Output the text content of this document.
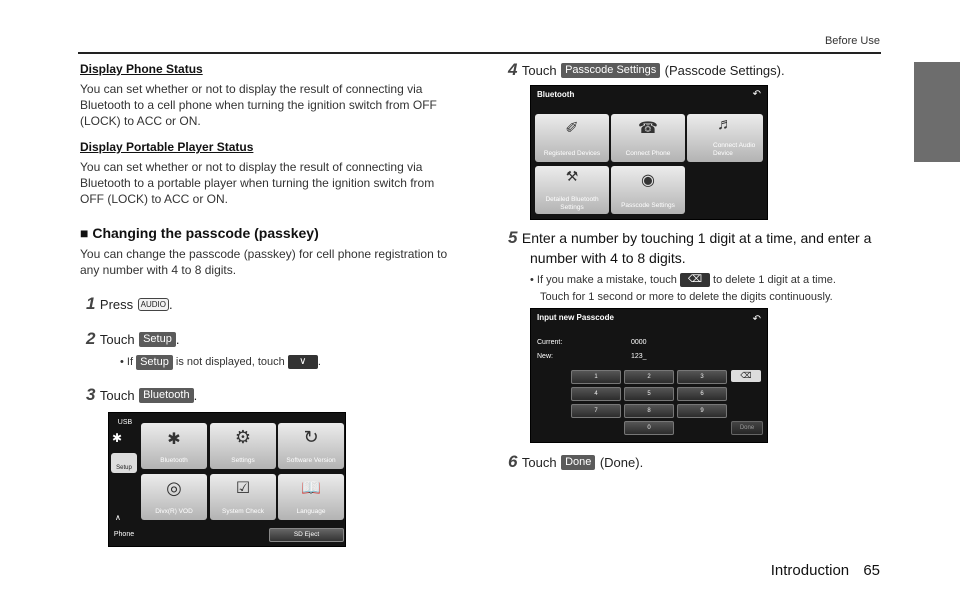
Before Use
Display Phone Status
You can set whether or not to display the result of connecting via
Bluetooth to a cell phone when turning the ignition switch from OFF
(LOCK) to ACC or ON.
Display Portable Player Status
You can set whether or not to display the result of connecting via
Bluetooth to a portable player when turning the ignition switch from
OFF (LOCK) to ACC or ON.
■ Changing the passcode (passkey)
You can change the passcode (passkey) for cell phone registration to
any number with 4 to 8 digits.
1 Press AUDIO .
2 Touch Setup .
• If Setup is not displayed, touch ∨ .
3 Touch Bluetooth .
USB
✱
Setup
∧
Phone
✱
Bluetooth
⚙
Settings
↻
Software Version
◎
Divx(R) VOD
☑
System Check
📖
Language
SD Eject
4 Touch Passcode Settings (Passcode Settings).
Bluetooth	↶
✐
Registered Devices
☎
Connect Phone
♬
Connect Audio Device
⚒
Detailed Bluetooth Settings
◉
Passcode Settings
5 Enter a number by touching 1 digit at a time, and enter a
number with 4 to 8 digits.
• If you make a mistake, touch ⌫ to delete 1 digit at a time.
Touch for 1 second or more to delete the digits continuously.
Input new Passcode	↶
Current:	0000
New:	123_
1	2	3
4	5	6
7	8	9
0
⌫
Done
6 Touch Done (Done).
Introduction 65
